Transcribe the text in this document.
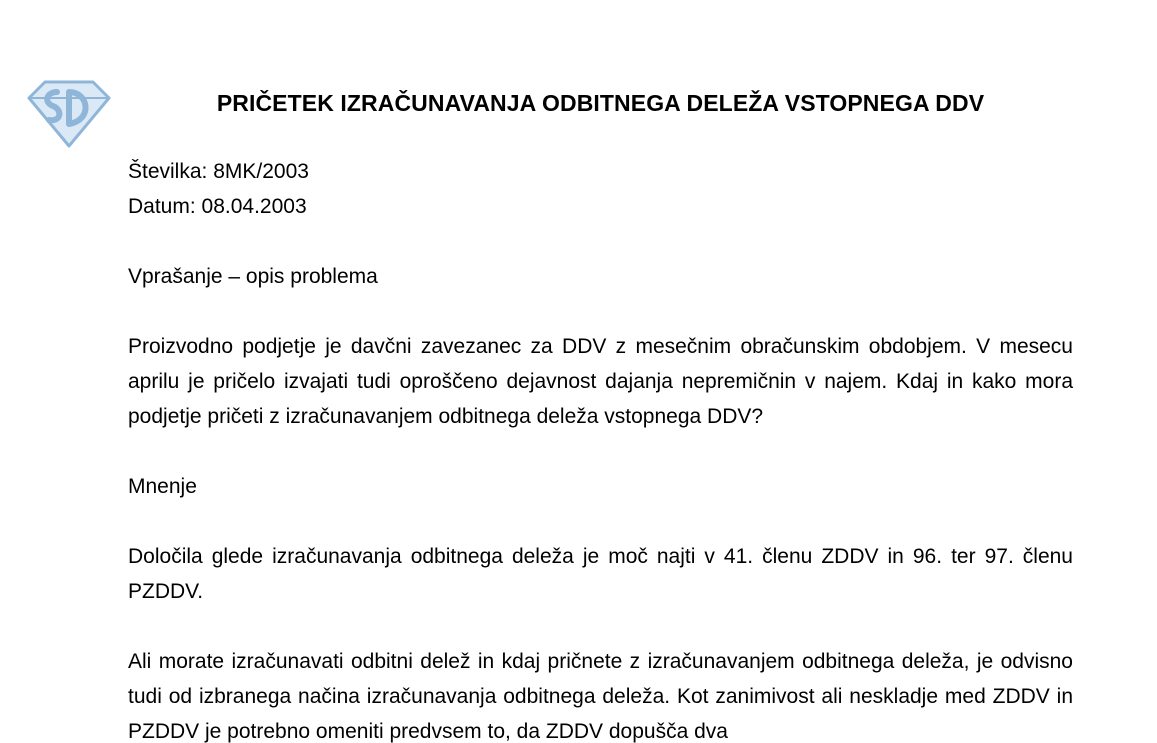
PRIČETEK IZRAČUNAVANJA ODBITNEGA DELEŽA VSTOPNEGA DDV

Številka: 8MK/2003

Datum: 08.04.2003

Vprašanje – opis problema

Proizvodno podjetje je davčni zavezanec za DDV z mesečnim obračunskim obdobjem. V mesecu aprilu je pričelo izvajati tudi oproščeno dejavnost dajanja nepremičnin v najem. Kdaj in kako mora podjetje pričeti z izračunavanjem odbitnega deleža vstopnega DDV?

Mnenje

Določila glede izračunavanja odbitnega deleža je moč najti v 41. členu ZDDV in 96. ter 97. členu PZDDV.

Ali morate izračunavati odbitni delež in kdaj pričnete z izračunavanjem odbitnega deleža, je odvisno tudi od izbranega načina izračunavanja odbitnega deleža. Kot zanimivost ali neskladje med ZDDV in PZDDV je potrebno omeniti predvsem to, da ZDDV dopušča dva
